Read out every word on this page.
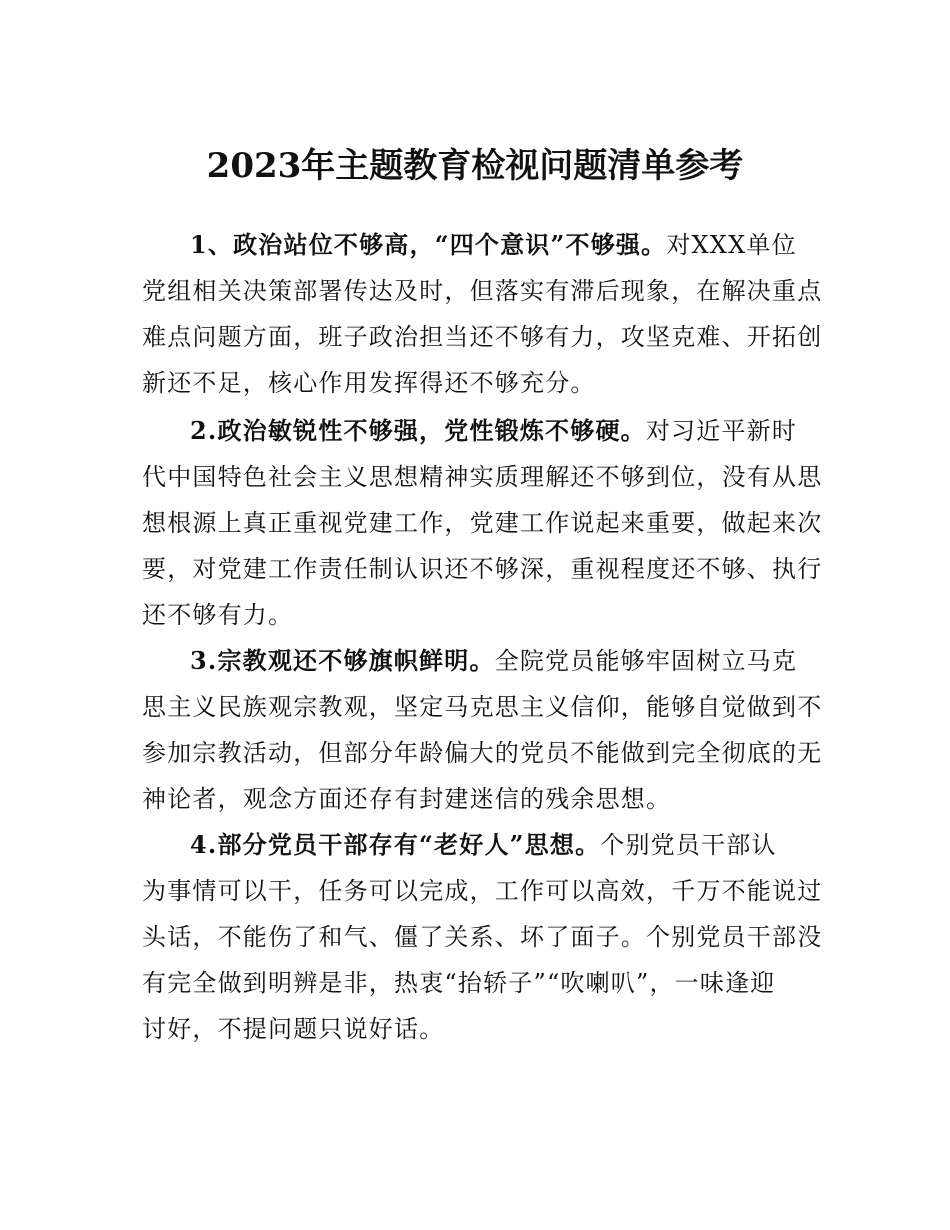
2023年主题教育检视问题清单参考
1、政治站位不够高，“四个意识”不够强。对XXX单位
党组相关决策部署传达及时，但落实有滞后现象，在解决重点
难点问题方面，班子政治担当还不够有力，攻坚克难、开拓创
新还不足，核心作用发挥得还不够充分。
2.政治敏锐性不够强，党性锻炼不够硬。对习近平新时
代中国特色社会主义思想精神实质理解还不够到位，没有从思
想根源上真正重视党建工作，党建工作说起来重要，做起来次
要，对党建工作责任制认识还不够深，重视程度还不够、执行
还不够有力。
3.宗教观还不够旗帜鲜明。全院党员能够牢固树立马克
思主义民族观宗教观，坚定马克思主义信仰，能够自觉做到不
参加宗教活动，但部分年龄偏大的党员不能做到完全彻底的无
神论者，观念方面还存有封建迷信的残余思想。
4.部分党员干部存有“老好人”思想。个别党员干部认
为事情可以干，任务可以完成，工作可以高效，千万不能说过
头话，不能伤了和气、僵了关系、坏了面子。个别党员干部没
有完全做到明辨是非，热衷“抬轿子”“吹喇叭”，一味逢迎
讨好，不提问题只说好话。
